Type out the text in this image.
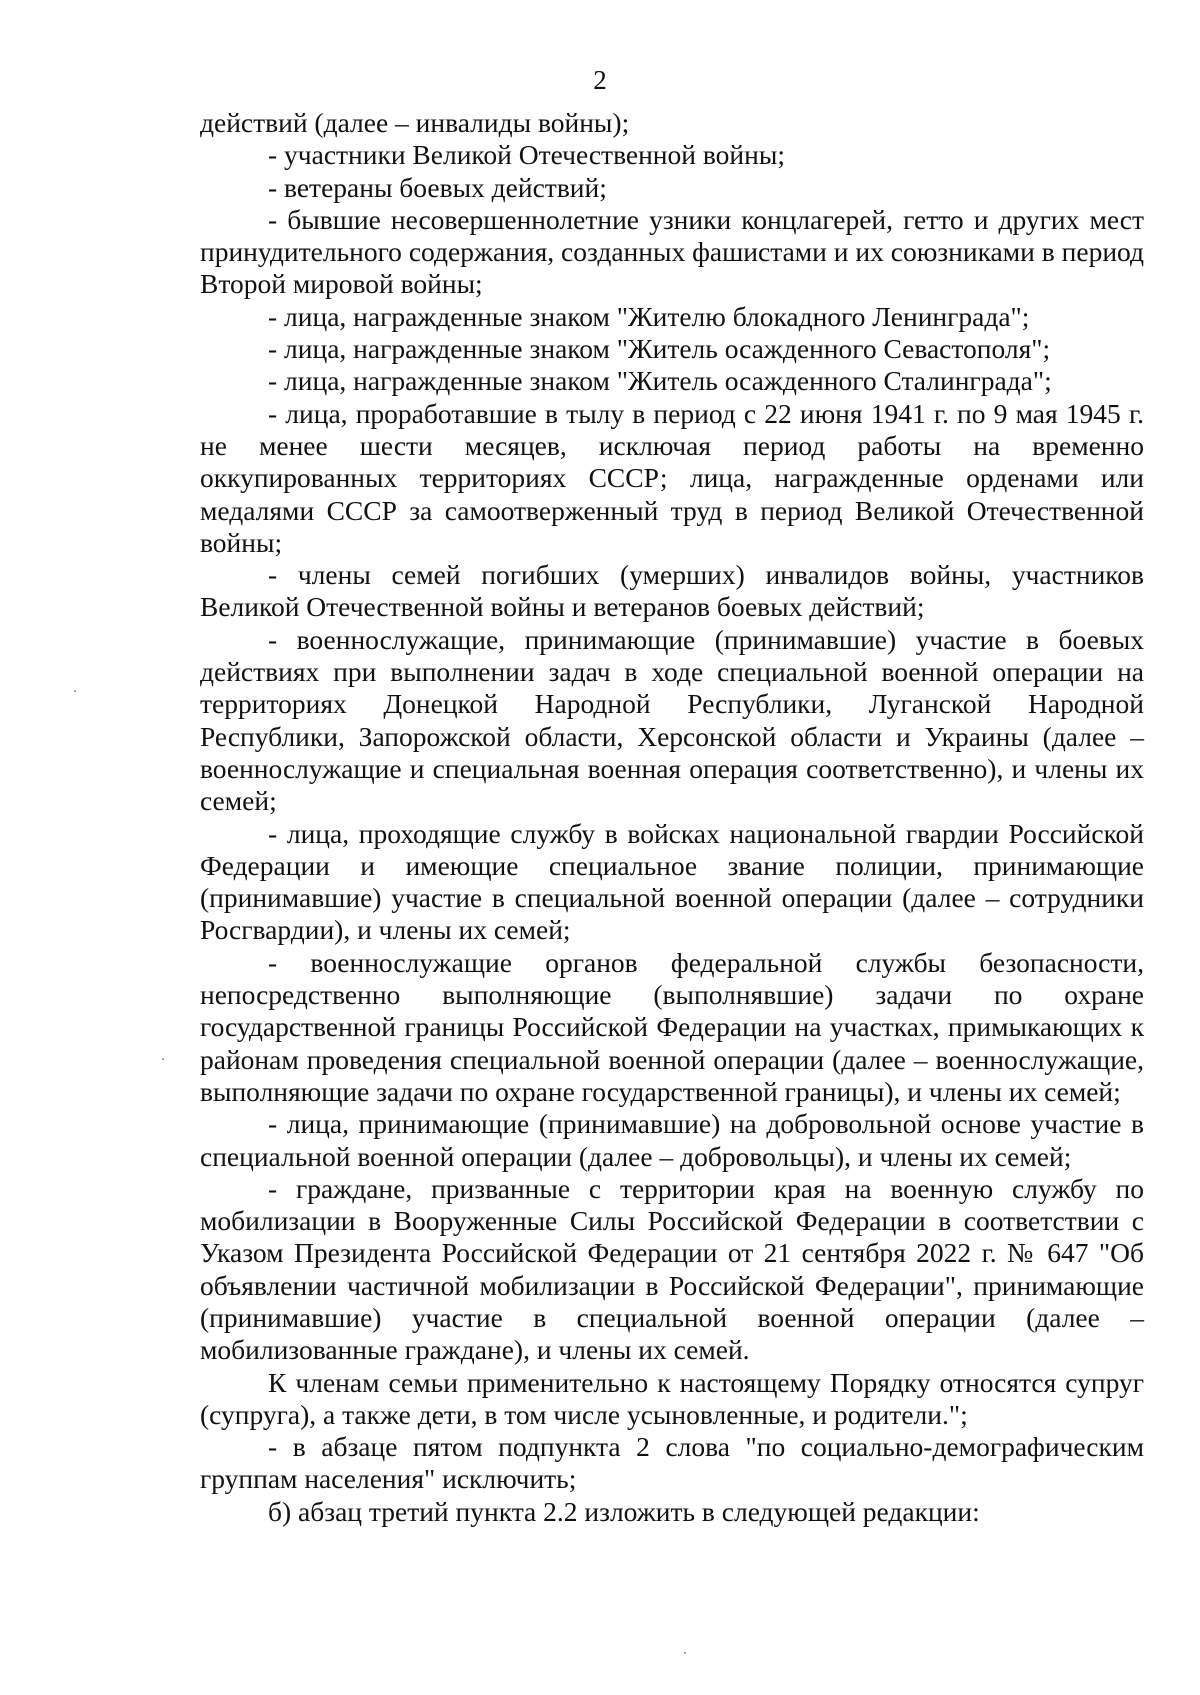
2

действий (далее – инвалиды войны);

- участники Великой Отечественной войны;

- ветераны боевых действий;

- бывшие несовершеннолетние узники концлагерей, гетто и других мест принудительного содержания, созданных фашистами и их союзниками в период Второй мировой войны;

- лица, награжденные знаком "Жителю блокадного Ленинграда";

- лица, награжденные знаком "Житель осажденного Севастополя";

- лица, награжденные знаком "Житель осажденного Сталинграда";

- лица, проработавшие в тылу в период с 22 июня 1941 г. по 9 мая 1945 г. не менее шести месяцев, исключая период работы на временно оккупированных территориях СССР; лица, награжденные орденами или медалями СССР за самоотверженный труд в период Великой Отечественной войны;

- члены семей погибших (умерших) инвалидов войны, участников Великой Отечественной войны и ветеранов боевых действий;

- военнослужащие, принимающие (принимавшие) участие в боевых действиях при выполнении задач в ходе специальной военной операции на территориях Донецкой Народной Республики, Луганской Народной Республики, Запорожской области, Херсонской области и Украины (далее – военнослужащие и специальная военная операция соответственно), и члены их семей;

- лица, проходящие службу в войсках национальной гвардии Российской Федерации и имеющие специальное звание полиции, принимающие (принимавшие) участие в специальной военной операции (далее – сотрудники Росгвардии), и члены их семей;

- военнослужащие органов федеральной службы безопасности, непосредственно выполняющие (выполнявшие) задачи по охране государственной границы Российской Федерации на участках, примыкающих к районам проведения специальной военной операции (далее – военнослужащие, выполняющие задачи по охране государственной границы), и члены их семей;

- лица, принимающие (принимавшие) на добровольной основе участие в специальной военной операции (далее – добровольцы), и члены их семей;

- граждане, призванные с территории края на военную службу по мобилизации в Вооруженные Силы Российской Федерации в соответствии с Указом Президента Российской Федерации от 21 сентября 2022 г. № 647 "Об объявлении частичной мобилизации в Российской Федерации", принимающие (принимавшие) участие в специальной военной операции (далее – мобилизованные граждане), и члены их семей.

К членам семьи применительно к настоящему Порядку относятся супруг (супруга), а также дети, в том числе усыновленные, и родители.";

- в абзаце пятом подпункта 2 слова "по социально-демографическим группам населения" исключить;

б) абзац третий пункта 2.2 изложить в следующей редакции:
